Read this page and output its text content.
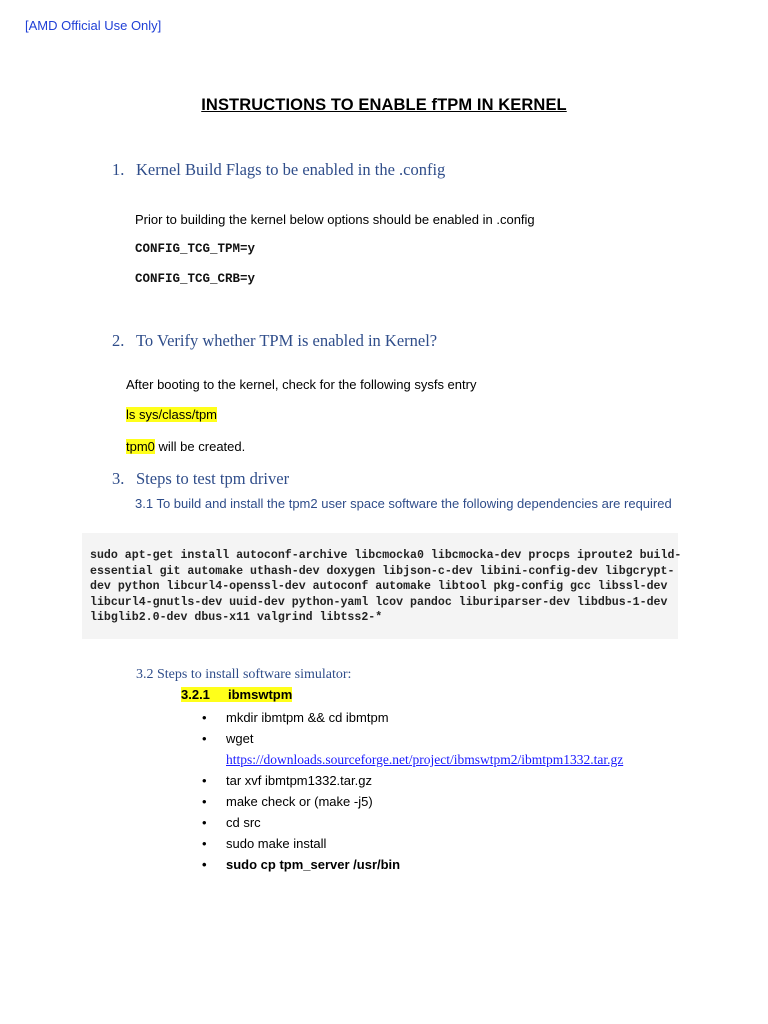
[AMD Official Use Only]
INSTRUCTIONS TO ENABLE fTPM IN KERNEL
1. Kernel Build Flags to be enabled in the .config
Prior to building the kernel below options should be enabled in .config
CONFIG_TCG_TPM=y
CONFIG_TCG_CRB=y
2. To Verify whether TPM is enabled in Kernel?
After booting to the kernel, check for the following sysfs entry
ls sys/class/tpm
tpm0 will be created.
3. Steps to test tpm driver
3.1 To build and install the tpm2 user space software the following dependencies are required
sudo apt-get install autoconf-archive libcmocka0 libcmocka-dev procps iproute2 build-
essential git automake uthash-dev doxygen libjson-c-dev libini-config-dev libgcrypt-
dev python libcurl4-openssl-dev autoconf automake libtool pkg-config gcc libssl-dev
libcurl4-gnutls-dev uuid-dev python-yaml lcov pandoc liburiparser-dev libdbus-1-dev
libglib2.0-dev dbus-x11 valgrind libtss2-*
3.2 Steps to install software simulator:
3.2.1 ibmswtpm
• mkdir ibmtpm && cd ibmtpm
• wget
https://downloads.sourceforge.net/project/ibmswtpm2/ibmtpm1332.tar.gz
• tar xvf ibmtpm1332.tar.gz
• make check or (make -j5)
• cd src
• sudo make install
• sudo cp tpm_server /usr/bin
